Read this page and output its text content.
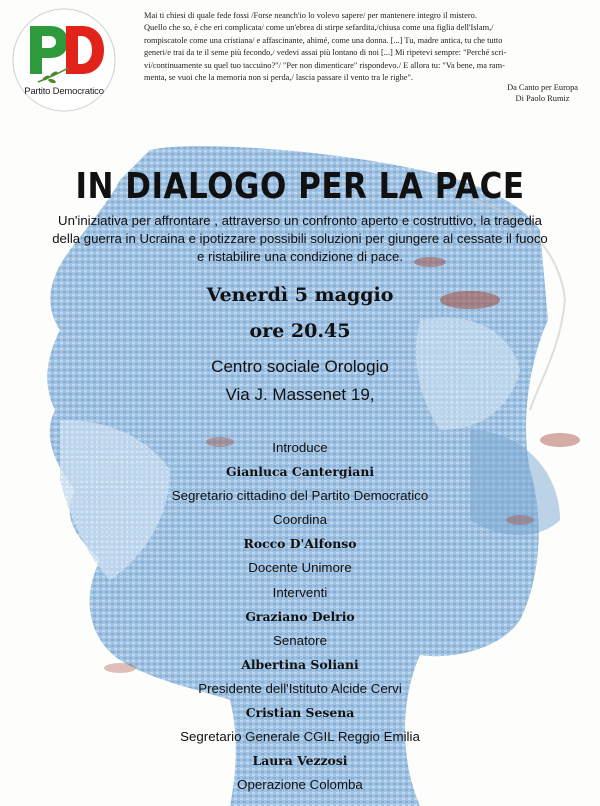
Partito Democratico
Mai ti chiesi di quale fede fossi /Forse neanch'io lo volevo sapere/ per mantenere integro il mistero.
Quello che so, è che eri complicata/ come un'ebrea di stirpe sefardita,/chiusa come una figlia dell'Islam,/
rompiscatole come una cristiana/ e affascinante, ahimé, come una donna. [...] Tu, madre antica, tu che tutto
generi/e trai da te il seme più fecondo,/ vedevi assai più lontano di noi [...] Mi ripetevi sempre: "Perché scri-
vi/continuamente su quel tuo taccuino?"/ "Per non dimenticare" rispondevo./ E allora tu: "Va bene, ma ram-
menta, se vuoi che la memoria non si perda,/ lascia passare il vento tra le righe".
Da Canto per Europa
Di Paolo Rumiz
IN DIALOGO PER LA PACE
Un'iniziativa per affrontare , attraverso un confronto aperto e costruttivo, la tragedia
della guerra in Ucraina e ipotizzare possibili soluzioni per giungere al cessate il fuoco
e ristabilire una condizione di pace.
Venerdì 5 maggio
ore 20.45
Centro sociale Orologio
Via J. Massenet 19,
Introduce
Gianluca Cantergiani
Segretario cittadino del Partito Democratico
Coordina
Rocco D'Alfonso
Docente Unimore
Interventi
Graziano Delrio
Senatore
Albertina Soliani
Presidente dell'Istituto Alcide Cervi
Cristian Sesena
Segretario Generale CGIL Reggio Emilia
Laura Vezzosi
Operazione Colomba
